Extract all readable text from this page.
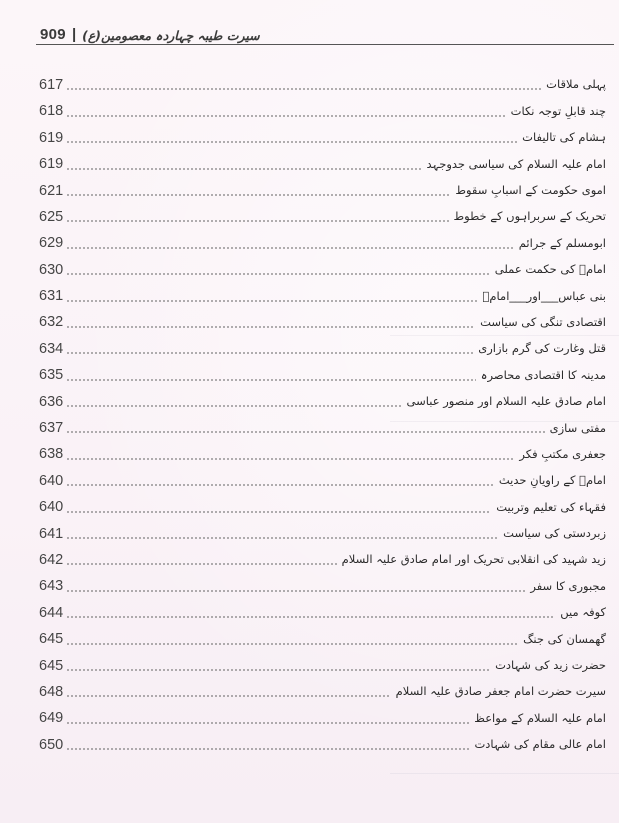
909 | سیرت طیبہ چہاردہ معصومین(ع)
617	پہلی ملاقات
618	چند قابلِ توجہ نکات
619	ہشام کی تالیفات
619	امام علیہ السلام کی سیاسی جدوجہد
621	اموی حکومت کے اسبابِ سقوط
625	تحریک کے سربراہوں کے خطوط
629	ابومسلم کے جرائم
630	امامؑ کی حکمت عملی
631	بنی عباس___اور___امامؑ
632	اقتصادی تنگی کی سیاست
634	قتل وغارت کی گرم بازاری
635	مدینہ کا اقتصادی محاصرہ
636	امام صادق علیہ السلام اور منصور عباسی
637	مفتی سازی
638	جعفری مکتبِ فکر
640	امامؑ کے راویانِ حدیث
640	فقہاء کی تعلیم وتربیت
641	زبردستی کی سیاست
642	زید شہید کی انقلابی تحریک اور امام صادق علیہ السلام
643	مجبوری کا سفر
644	کوفہ میں
645	گھمسان کی جنگ
645	حضرت زید کی شہادت
648	سیرت حضرت امام جعفر صادق علیہ السلام
649	امام علیہ السلام کے مواعظ
650	امام عالی مقام کی شہادت
